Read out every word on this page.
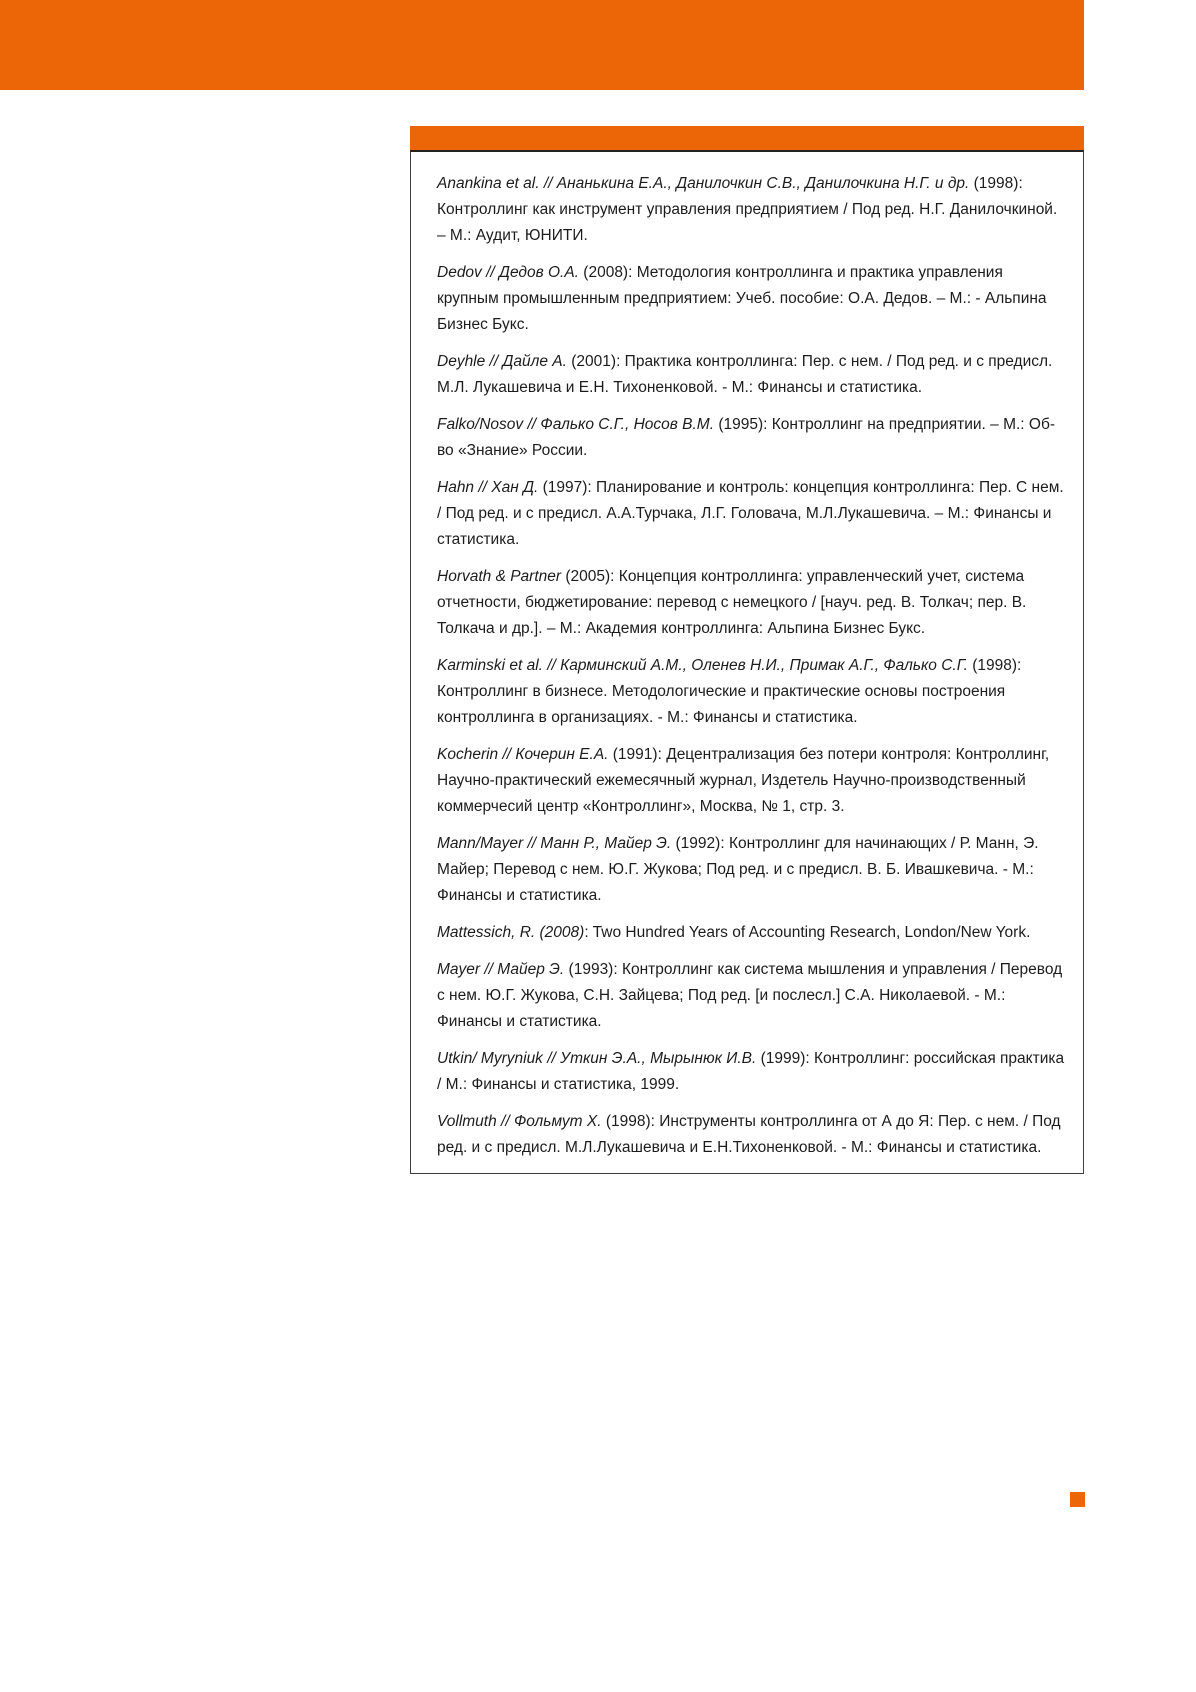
Anankina et al. // Ананькина Е.А., Данилочкин С.В., Данилочкина Н.Г. и др. (1998): Контроллинг как инструмент управления предприятием / Под ред. Н.Г. Данилочкиной. – М.: Аудит, ЮНИТИ.

Dedov // Дедов О.А. (2008): Методология контроллинга и практика управления крупным промышленным предприятием: Учеб. пособие: О.А. Дедов. – М.: - Альпина Бизнес Букс.

Deyhle // Дайле А. (2001): Практика контроллинга: Пер. с нем. / Под ред. и с предисл. М.Л. Лукашевича и Е.Н. Тихоненковой. - М.: Финансы и статистика.

Falko/Nosov // Фалько С.Г., Носов В.М. (1995): Контроллинг на предприятии. – М.: Об-во «Знание» России.

Hahn // Хан Д. (1997): Планирование и контроль: концепция контроллинга: Пер. С нем. / Под ред. и с предисл. А.А.Турчака, Л.Г. Головача, М.Л.Лукашевича. – М.: Финансы и статистика.

Horvath & Partner (2005): Концепция контроллинга: управленческий учет, система отчетности, бюджетирование: перевод с немецкого / [науч. ред. В. Толкач; пер. В. Толкача и др.]. – М.: Академия контроллинга: Альпина Бизнес Букс.

Karminski et al. // Карминский А.М., Оленев Н.И., Примак А.Г., Фалько С.Г. (1998): Контроллинг в бизнесе. Методологические и практические основы построения контроллинга в организациях. - М.: Финансы и статистика.

Kocherin // Кочерин Е.А. (1991): Децентрализация без потери контроля: Контроллинг, Научно-практический ежемесячный журнал, Издетель Научно-производственный коммерчесий центр «Контроллинг», Москва, № 1, стр. 3.

Mann/Mayer // Манн Р., Майер Э. (1992): Контроллинг для начинающих / Р. Манн, Э. Майер; Перевод с нем. Ю.Г. Жукова; Под ред. и с предисл. В. Б. Ивашкевича. - М.: Финансы и статистика.

Mattessich, R. (2008): Two Hundred Years of Accounting Research, London/New York.

Mayer // Майер Э. (1993): Контроллинг как система мышления и управления / Перевод с нем. Ю.Г. Жукова, С.Н. Зайцева; Под ред. [и послесл.] С.А. Николаевой. - М.: Финансы и статистика.

Utkin/ Myryniuk // Уткин Э.А., Мырынюк И.В. (1999): Контроллинг: российская практика / М.: Финансы и статистика, 1999.

Vollmuth // Фольмут Х. (1998): Инструменты контроллинга от А до Я: Пер. с нем. / Под ред. и с предисл. М.Л.Лукашевича и Е.Н.Тихоненковой. - М.: Финансы и статистика.
